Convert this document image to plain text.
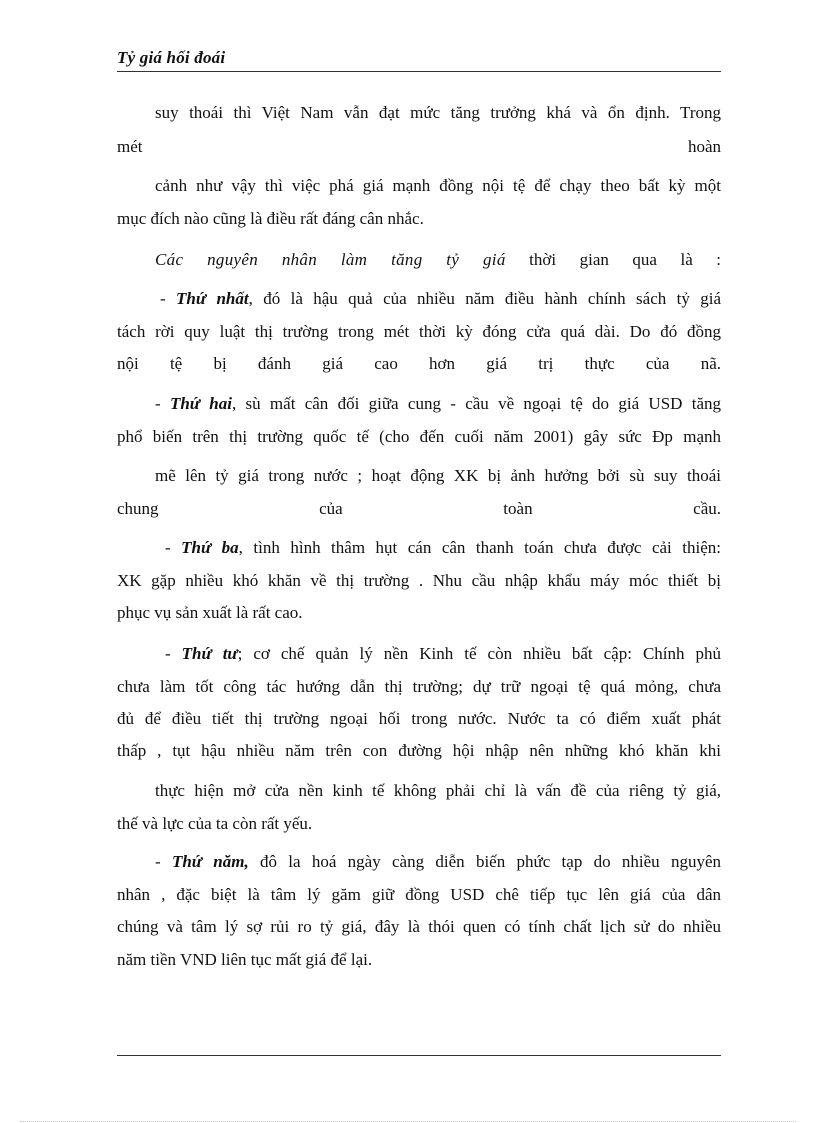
Tỷ giá hối đoái
suy thoái thì Việt Nam vẫn đạt mức tăng trưởng khá và ổn định. Trong
mét hoàn
cảnh như vậy thì việc phá giá mạnh đồng nội tệ để chạy theo bất kỳ một
mục đích nào cũng là điều rất đáng cân nhắc.
Các nguyên nhân làm tăng tỷ giá thời gian qua là :
- Thứ nhất, đó là hậu quả của nhiều năm điều hành chính sách tỷ giá
tách rời quy luật thị trường trong mét thời kỳ đóng cửa quá dài. Do đó đồng
nội tệ bị đánh giá cao hơn giá trị thực của nã.
- Thứ hai, sù mất cân đối giữa cung - cầu về ngoại tệ do giá USD tăng
phổ biến trên thị trường quốc tế (cho đến cuối năm 2001) gây sức Ðp mạnh
mẽ lên tỷ giá trong nước ; hoạt động XK bị ảnh hưởng bởi sù suy thoái
chung của toàn cầu.
- Thứ ba, tình hình thâm hụt cán cân thanh toán chưa được cải thiện:
XK gặp nhiều khó khăn về thị trường . Nhu cầu nhập khẩu máy móc thiết bị
phục vụ sản xuất là rất cao.
- Thứ tư; cơ chế quản lý nền Kinh tế còn nhiều bất cập: Chính phủ
chưa làm tốt công tác hướng dẫn thị trường; dự trữ ngoại tệ quá mỏng, chưa
đủ để điều tiết thị trường ngoại hối trong nước. Nước ta có điểm xuất phát
thấp , tụt hậu nhiều năm trên con đường hội nhập nên những khó khăn khi
thực hiện mở cửa nền kinh tế không phải chỉ là vấn đề của riêng tỷ giá,
thế và lực của ta còn rất yếu.
- Thứ năm, đô la hoá ngày càng diễn biến phức tạp do nhiều nguyên
nhân , đặc biệt là tâm lý găm giữ đồng USD chê tiếp tục lên giá của dân
chúng và tâm lý sợ rủi ro tỷ giá, đây là thói quen có tính chất lịch sử do nhiều
năm tiền VND liên tục mất giá để lại.
